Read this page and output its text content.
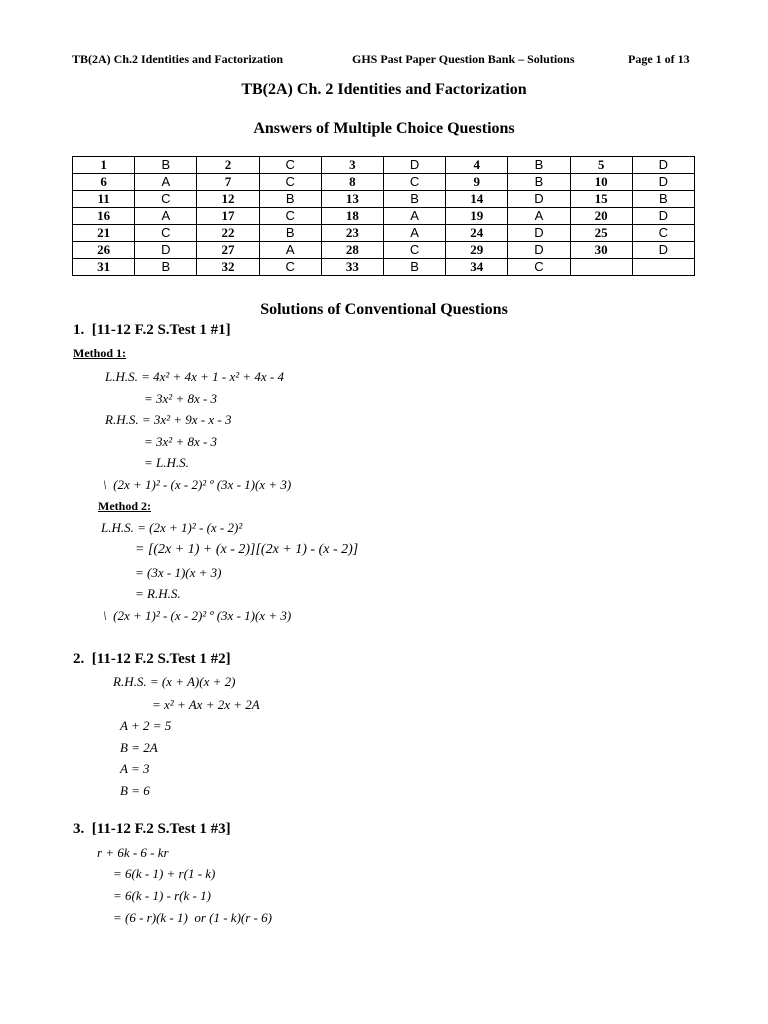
TB(2A) Ch.2 Identities and Factorization	GHS Past Paper Question Bank – Solutions	Page 1 of 13
TB(2A) Ch. 2 Identities and Factorization
Answers of Multiple Choice Questions
1	B	2	C	3	D	4	B	5	D
6	A	7	C	8	C	9	B	10	D
11	C	12	B	13	B	14	D	15	B
16	A	17	C	18	A	19	A	20	D
21	C	22	B	23	A	24	D	25	C
26	D	27	A	28	C	29	D	30	D
31	B	32	C	33	B	34	C		
Solutions of Conventional Questions
1.  [11-12 F.2 S.Test 1 #1]
Method 1:
L.H.S. = 4x² + 4x + 1 - x² + 4x - 4
= 3x² + 8x - 3
R.H.S. = 3x² + 9x - x - 3
= 3x² + 8x - 3
= L.H.S.
\  (2x + 1)² - (x - 2)² º (3x - 1)(x + 3)
Method 2:
L.H.S. = (2x + 1)² - (x - 2)²
= [(2x + 1) + (x - 2)][(2x + 1) - (x - 2)]
= (3x - 1)(x + 3)
= R.H.S.
\  (2x + 1)² - (x - 2)² º (3x - 1)(x + 3)
2.  [11-12 F.2 S.Test 1 #2]
R.H.S. = (x + A)(x + 2)
= x² + Ax + 2x + 2A
A + 2 = 5
B = 2A
A = 3
B = 6
3.  [11-12 F.2 S.Test 1 #3]
r + 6k - 6 - kr
= 6(k - 1) + r(1 - k)
= 6(k - 1) - r(k - 1)
= (6 - r)(k - 1)  or (1 - k)(r - 6)
